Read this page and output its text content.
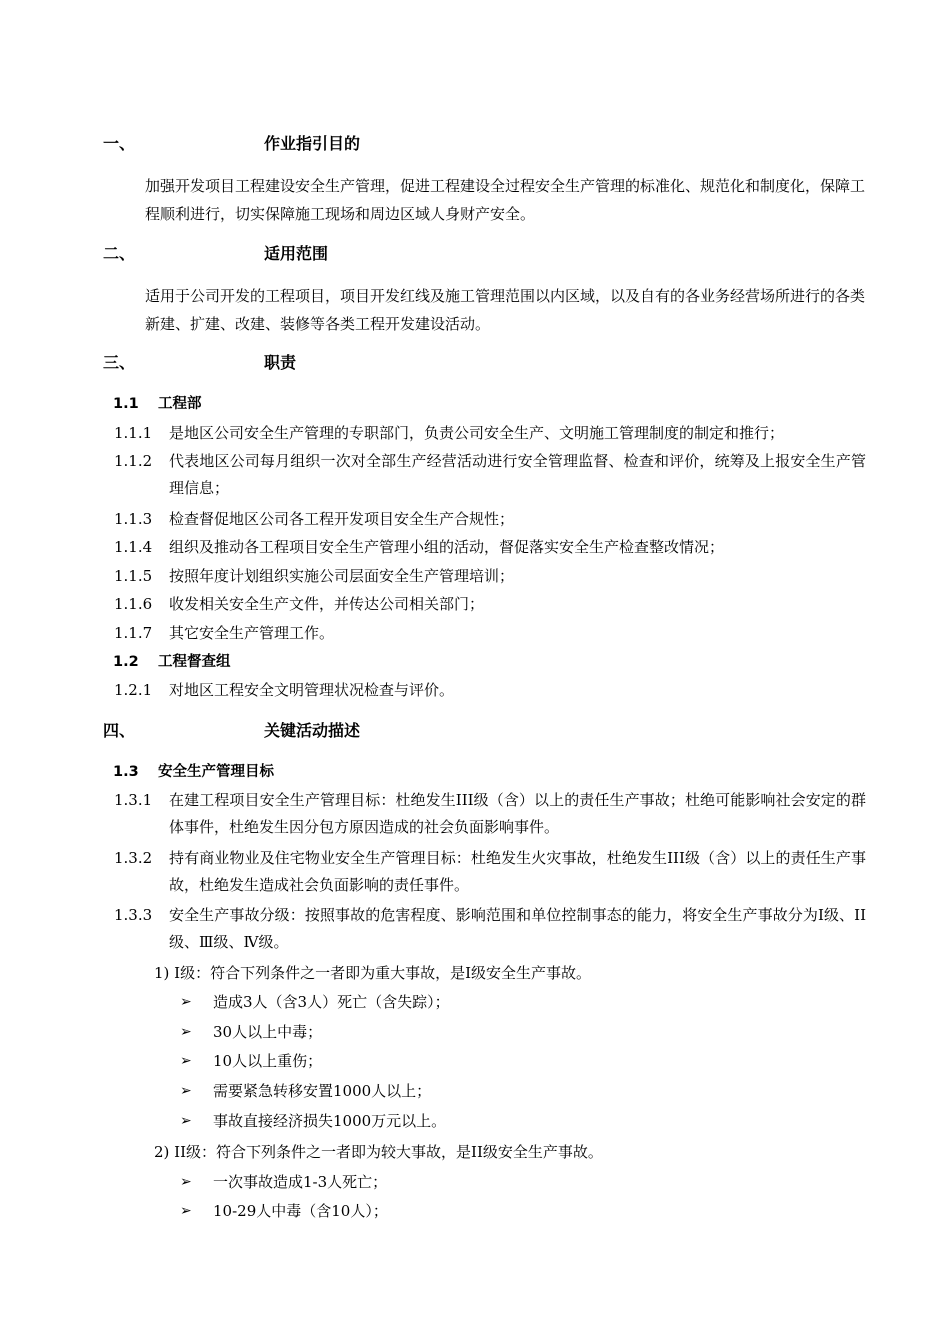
一、	作业指引目的
加强开发项目工程建设安全生产管理，促进工程建设全过程安全生产管理的标准化、规范化和制度化，保障工程顺利进行，切实保障施工现场和周边区域人身财产安全。
二、	适用范围
适用于公司开发的工程项目，项目开发红线及施工管理范围以内区域，以及自有的各业务经营场所进行的各类新建、扩建、改建、装修等各类工程开发建设活动。
三、	职责
1.1 工程部
1.1.1 是地区公司安全生产管理的专职部门，负责公司安全生产、文明施工管理制度的制定和推行；
1.1.2 代表地区公司每月组织一次对全部生产经营活动进行安全管理监督、检查和评价，统筹及上报安全生产管理信息；
1.1.3 检查督促地区公司各工程开发项目安全生产合规性；
1.1.4 组织及推动各工程项目安全生产管理小组的活动，督促落实安全生产检查整改情况；
1.1.5 按照年度计划组织实施公司层面安全生产管理培训；
1.1.6 收发相关安全生产文件，并传达公司相关部门；
1.1.7 其它安全生产管理工作。
1.2 工程督查组
1.2.1 对地区工程安全文明管理状况检查与评价。
四、	关键活动描述
1.3 安全生产管理目标
1.3.1 在建工程项目安全生产管理目标：杜绝发生III级（含）以上的责任生产事故；杜绝可能影响社会安定的群体事件，杜绝发生因分包方原因造成的社会负面影响事件。
1.3.2 持有商业物业及住宅物业安全生产管理目标：杜绝发生火灾事故，杜绝发生III级（含）以上的责任生产事故，杜绝发生造成社会负面影响的责任事件。
1.3.3 安全生产事故分级：按照事故的危害程度、影响范围和单位控制事态的能力，将安全生产事故分为I级、II级、Ⅲ级、Ⅳ级。
1) I级：符合下列条件之一者即为重大事故，是I级安全生产事故。
➢ 造成3人（含3人）死亡（含失踪）；
➢ 30人以上中毒；
➢ 10人以上重伤；
➢ 需要紧急转移安置1000人以上；
➢ 事故直接经济损失1000万元以上。
2) II级：符合下列条件之一者即为较大事故，是II级安全生产事故。
➢ 一次事故造成1-3人死亡；
➢ 10-29人中毒（含10人）；
